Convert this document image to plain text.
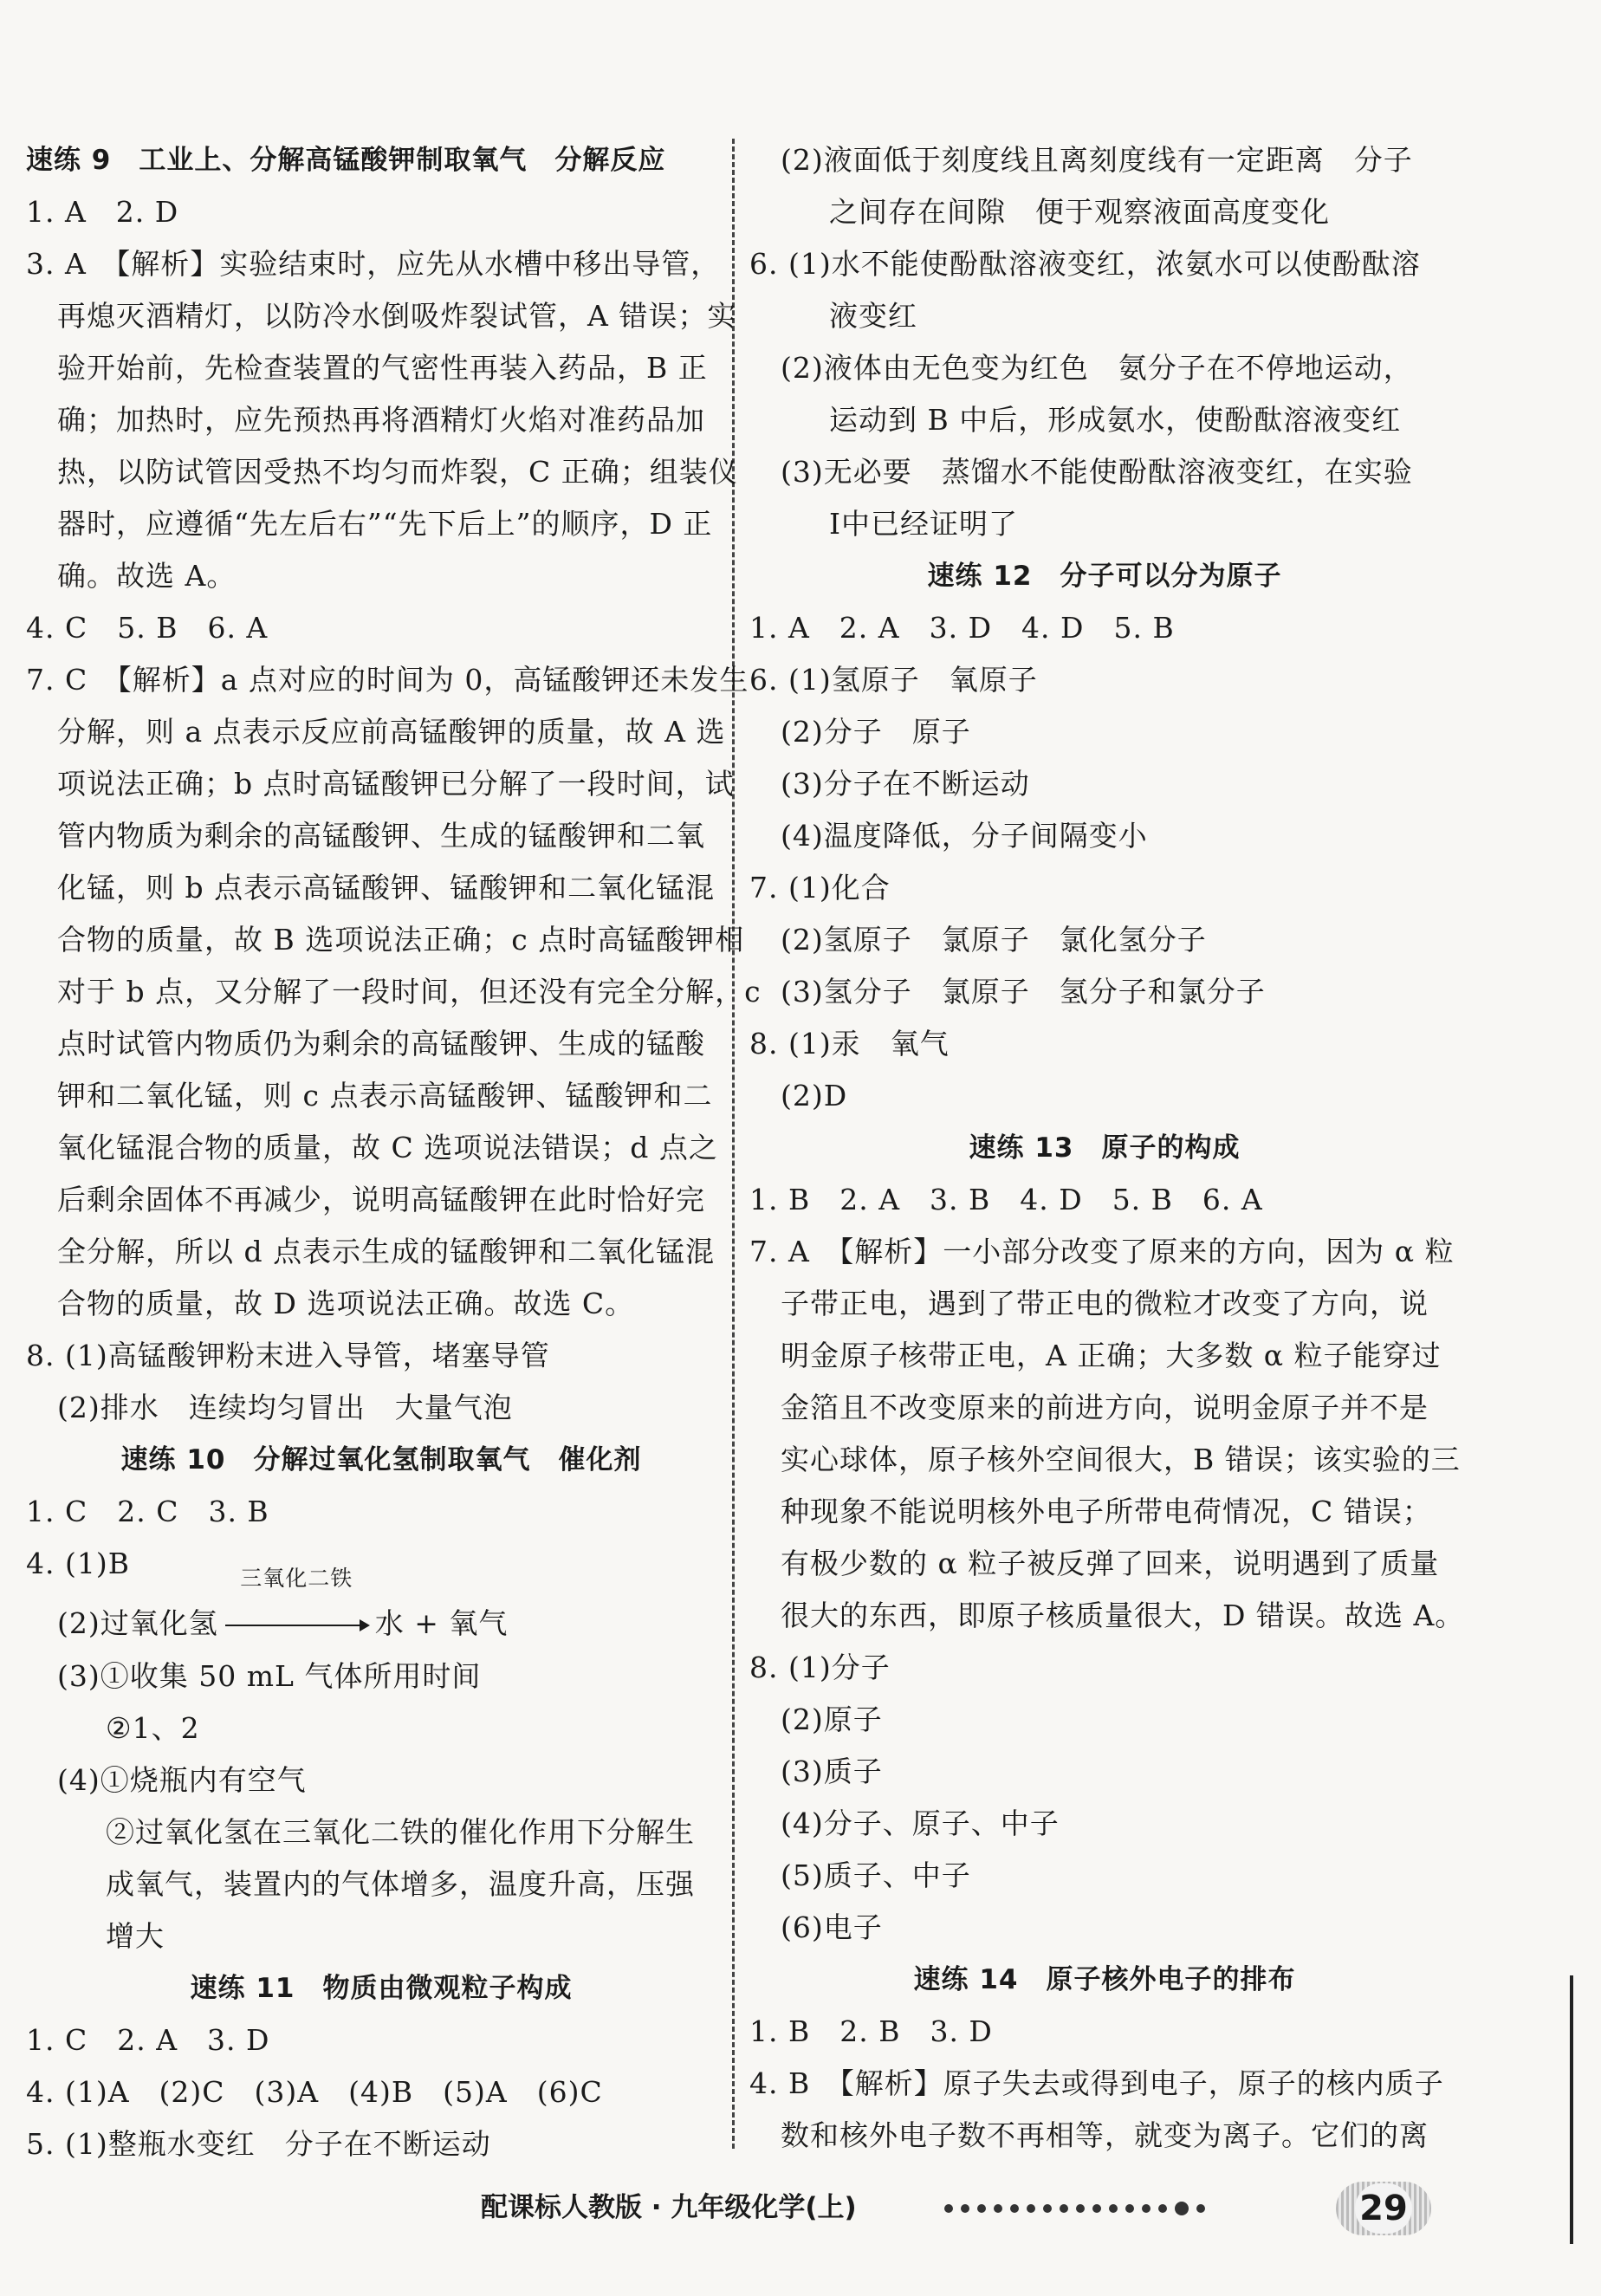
速练 9　工业上、分解高锰酸钾制取氧气　分解反应
1. A　2. D
3. A　【解析】实验结束时，应先从水槽中移出导管，
再熄灭酒精灯，以防冷水倒吸炸裂试管，A 错误；实
验开始前，先检查装置的气密性再装入药品，B 正
确；加热时，应先预热再将酒精灯火焰对准药品加
热，以防试管因受热不均匀而炸裂，C 正确；组装仪
器时，应遵循“先左后右”“先下后上”的顺序，D 正
确。故选 A。
4. C　5. B　6. A
7. C　【解析】a 点对应的时间为 0，高锰酸钾还未发生
分解，则 a 点表示反应前高锰酸钾的质量，故 A 选
项说法正确；b 点时高锰酸钾已分解了一段时间，试
管内物质为剩余的高锰酸钾、生成的锰酸钾和二氧
化锰，则 b 点表示高锰酸钾、锰酸钾和二氧化锰混
合物的质量，故 B 选项说法正确；c 点时高锰酸钾相
对于 b 点，又分解了一段时间，但还没有完全分解，c
点时试管内物质仍为剩余的高锰酸钾、生成的锰酸
钾和二氧化锰，则 c 点表示高锰酸钾、锰酸钾和二
氧化锰混合物的质量，故 C 选项说法错误；d 点之
后剩余固体不再减少，说明高锰酸钾在此时恰好完
全分解，所以 d 点表示生成的锰酸钾和二氧化锰混
合物的质量，故 D 选项说法正确。故选 C。
8. (1)高锰酸钾粉末进入导管，堵塞导管
(2)排水　连续均匀冒出　大量气泡
速练 10　分解过氧化氢制取氧气　催化剂
1. C　2. C　3. B
4. (1)B
(2)过氧化氢
三氧化二铁
水 + 氧气
(3)①收集 50 mL 气体所用时间
②1、2
(4)①烧瓶内有空气
②过氧化氢在三氧化二铁的催化作用下分解生
成氧气，装置内的气体增多，温度升高，压强
增大
速练 11　物质由微观粒子构成
1. C　2. A　3. D
4. (1)A　(2)C　(3)A　(4)B　(5)A　(6)C
5. (1)整瓶水变红　分子在不断运动
(2)液面低于刻度线且离刻度线有一定距离　分子
之间存在间隙　便于观察液面高度变化
6. (1)水不能使酚酞溶液变红，浓氨水可以使酚酞溶
液变红
(2)液体由无色变为红色　氨分子在不停地运动，
运动到 B 中后，形成氨水，使酚酞溶液变红
(3)无必要　蒸馏水不能使酚酞溶液变红，在实验
Ⅰ中已经证明了
速练 12　分子可以分为原子
1. A　2. A　3. D　4. D　5. B
6. (1)氢原子　氧原子
(2)分子　原子
(3)分子在不断运动
(4)温度降低，分子间隔变小
7. (1)化合
(2)氢原子　氯原子　氯化氢分子
(3)氢分子　氯原子　氢分子和氯分子
8. (1)汞　氧气
(2)D
速练 13　原子的构成
1. B　2. A　3. B　4. D　5. B　6. A
7. A　【解析】一小部分改变了原来的方向，因为 α 粒
子带正电，遇到了带正电的微粒才改变了方向，说
明金原子核带正电，A 正确；大多数 α 粒子能穿过
金箔且不改变原来的前进方向，说明金原子并不是
实心球体，原子核外空间很大，B 错误；该实验的三
种现象不能说明核外电子所带电荷情况，C 错误；
有极少数的 α 粒子被反弹了回来，说明遇到了质量
很大的东西，即原子核质量很大，D 错误。故选 A。
8. (1)分子
(2)原子
(3)质子
(4)分子、原子、中子
(5)质子、中子
(6)电子
速练 14　原子核外电子的排布
1. B　2. B　3. D
4. B　【解析】原子失去或得到电子，原子的核内质子
数和核外电子数不再相等，就变为离子。它们的离
配课标人教版 · 九年级化学(上)	29
